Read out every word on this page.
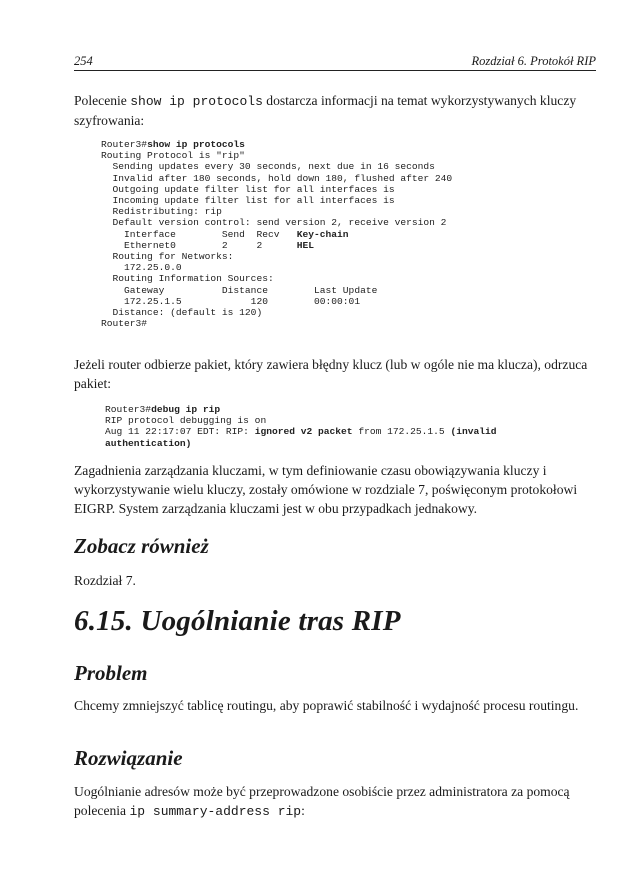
254	Rozdział 6. Protokół RIP

Polecenie show ip protocols dostarcza informacji na temat wykorzystywanych kluczy szyfrowania:

Router3#show ip protocols
Routing Protocol is "rip"
Sending updates every 30 seconds, next due in 16 seconds
Invalid after 180 seconds, hold down 180, flushed after 240
Outgoing update filter list for all interfaces is
Incoming update filter list for all interfaces is
Redistributing: rip
Default version control: send version 2, receive version 2
Interface        Send  Recv   Key-chain
Ethernet0        2     2      HEL
Routing for Networks:
172.25.0.0
Routing Information Sources:
Gateway          Distance        Last Update
172.25.1.5            120        00:00:01
Distance: (default is 120)
Router3#

Jeżeli router odbierze pakiet, który zawiera błędny klucz (lub w ogóle nie ma klucza), odrzuca pakiet:

Router3#debug ip rip
RIP protocol debugging is on
Aug 11 22:17:07 EDT: RIP: ignored v2 packet from 172.25.1.5 (invalid
authentication)

Zagadnienia zarządzania kluczami, w tym definiowanie czasu obowiązywania kluczy i wykorzystywanie wielu kluczy, zostały omówione w rozdziale 7, poświęconym protokołowi EIGRP. System zarządzania kluczami jest w obu przypadkach jednakowy.

Zobacz również

Rozdział 7.

6.15. Uogólnianie tras RIP
Problem

Chcemy zmniejszyć tablicę routingu, aby poprawić stabilność i wydajność procesu routingu.

Rozwiązanie

Uogólnianie adresów może być przeprowadzone osobiście przez administratora za pomocą polecenia ip summary-address rip:
